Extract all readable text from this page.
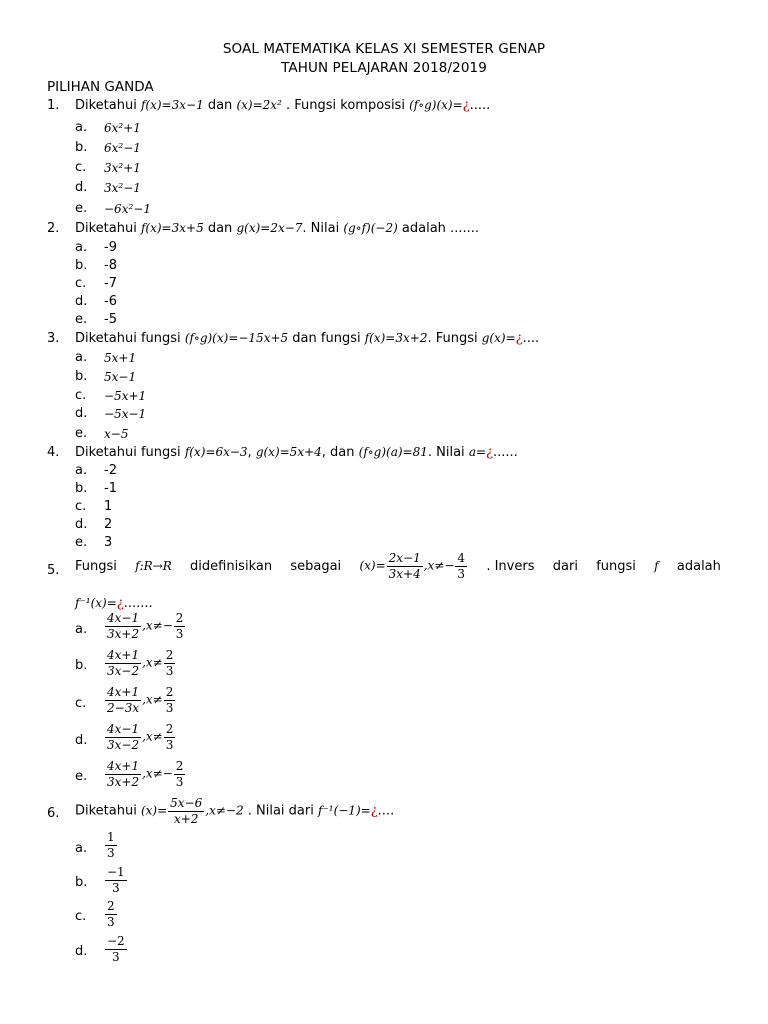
SOAL MATEMATIKA KELAS XI SEMESTER GENAP
TAHUN PELAJARAN 2018/2019
PILIHAN GANDA
1. Diketahui f(x)=3x−1 dan (x)=2x² . Fungsi komposisi (f∘g)(x)=¿.....
a. 6x²+1
b. 6x²−1
c. 3x²+1
d. 3x²−1
e. −6x²−1
2. Diketahui f(x)=3x+5 dan g(x)=2x−7. Nilai (g∘f)(−2) adalah .......
a. -9
b. -8
c. -7
d. -6
e. -5
3. Diketahui fungsi (f∘g)(x)=−15x+5 dan fungsi f(x)=3x+2. Fungsi g(x)=¿....
a. 5x+1
b. 5x−1
c. −5x+1
d. −5x−1
e. x−5
4. Diketahui fungsi f(x)=6x−3, g(x)=5x+4, dan (f∘g)(a)=81. Nilai a=¿......
a. -2
b. -1
c. 1
d. 2
e. 3
5. Fungsi f:R→R didefinisikan sebagai $(x)= \frac{2x-1}{3x+4} ,x\ne- \frac{4}{3}$ . Invers dari fungsi f adalah
f⁻¹(x)=¿.......
a. $\frac{4x-1}{3x+2} ,x\ne- \frac{2}{3}$
b. $\frac{4x+1}{3x-2} ,x\ne \frac{2}{3}$
c. $\frac{4x+1}{2-3x} ,x\ne \frac{2}{3}$
d. $\frac{4x-1}{3x-2} ,x\ne \frac{2}{3}$
e. $\frac{4x+1}{3x+2} ,x\ne- \frac{2}{3}$
6. Diketahui $(x)= \frac{5x-6}{x+2} ,x\ne-2$ . Nilai dari f⁻¹(−1)=¿....
a. $\frac{1}{3}$
b. $\frac{-1}{3}$
c. $\frac{2}{3}$
d. $\frac{-2}{3}$
